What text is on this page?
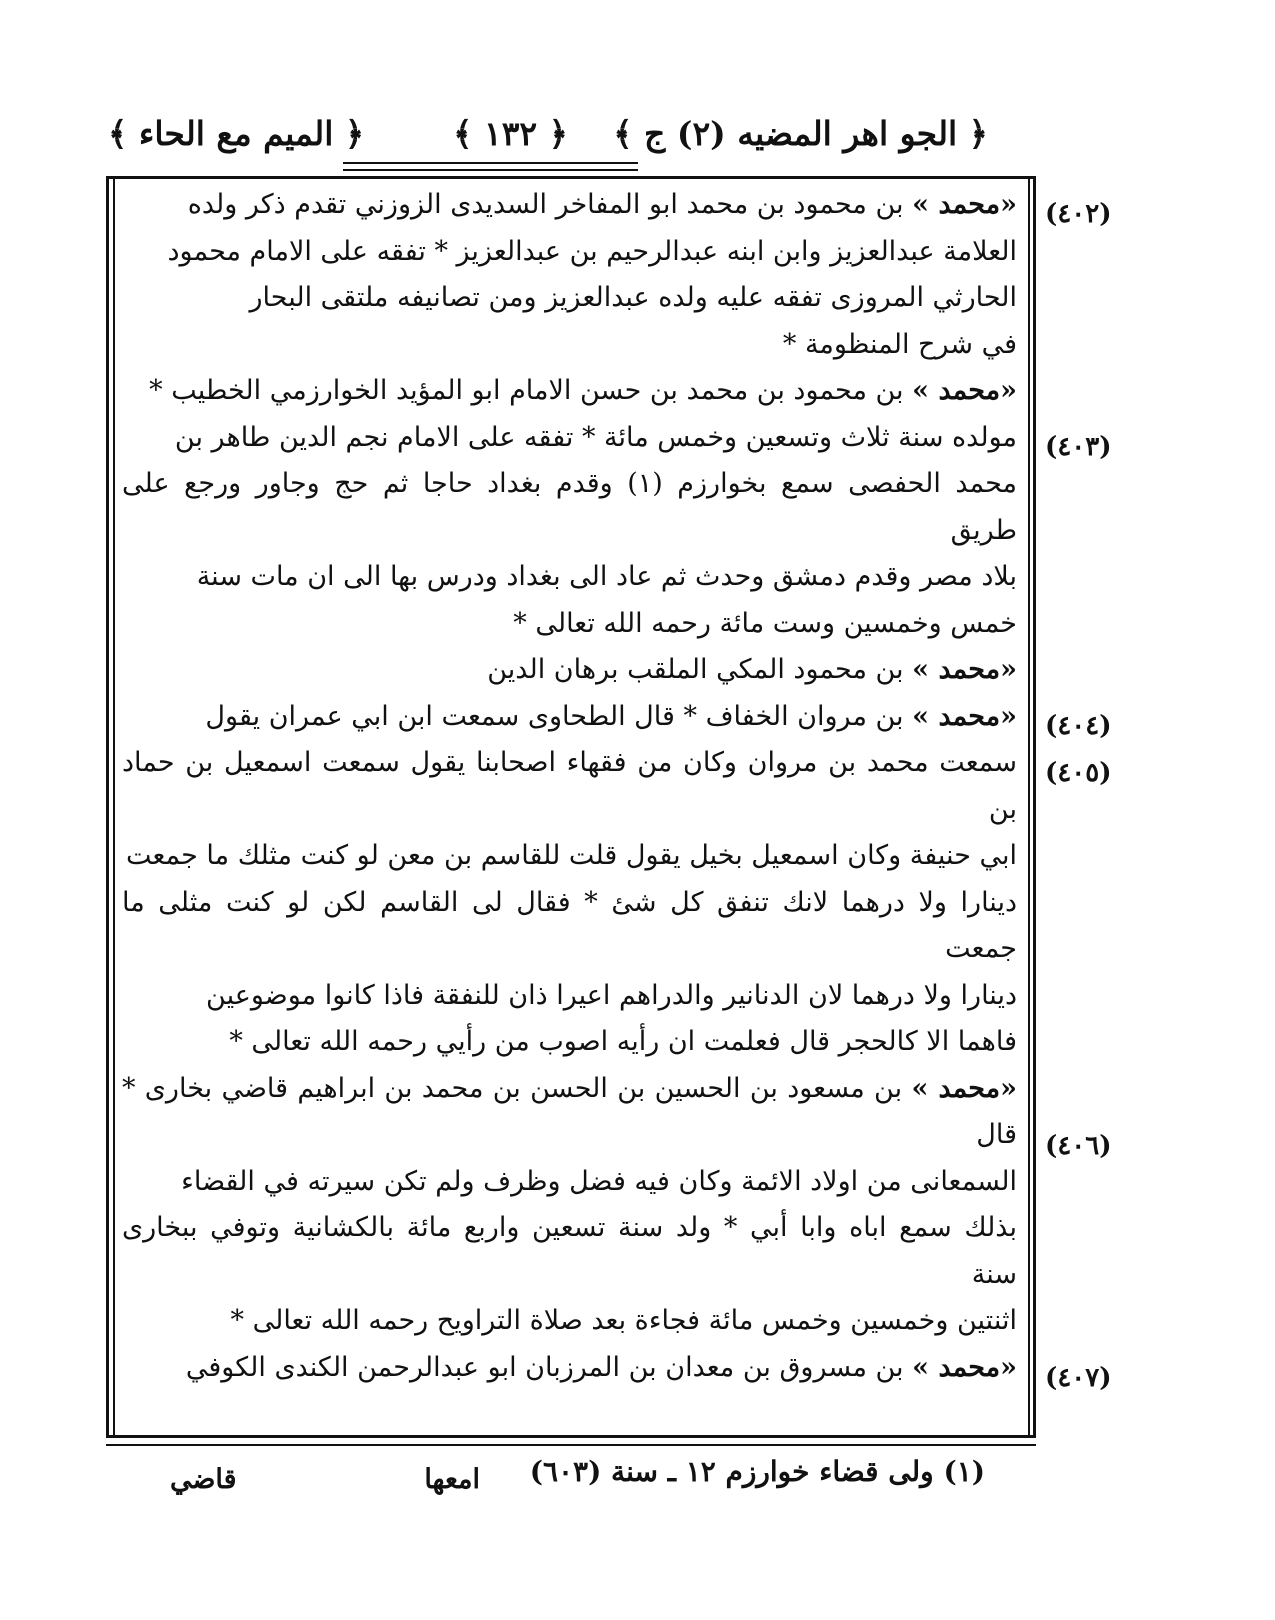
﴿ الجو اهر المضيه (٢) ج ﴾
﴿ ١٣٢ ﴾
﴿ الميم مع الحاء ﴾
(٤٠٢)
(٤٠٣)
(٤٠٤)
(٤٠٥)
(٤٠٦)
(٤٠٧)

« محمد » بن محمود بن محمد ابو المفاخر السديدى الزوزني تقدم ذكر ولده

العلامة عبدالعزيز وابن ابنه عبدالرحيم بن عبدالعزيز * تفقه على الامام محمود

الحارثي المروزى تفقه عليه ولده عبدالعزيز ومن تصانيفه ملتقى البحار

في شرح المنظومة *

« محمد » بن محمود بن محمد بن حسن الامام ابو المؤيد الخوارزمي الخطيب *

مولده سنة ثلاث وتسعين وخمس مائة * تفقه على الامام نجم الدين طاهر بن

محمد الحفصى سمع بخوارزم (١) وقدم بغداد حاجا ثم حج وجاور ورجع على طريق

بلاد مصر وقدم دمشق وحدث ثم عاد الى بغداد ودرس بها الى ان مات سنة

خمس وخمسين وست مائة رحمه الله تعالى *

« محمد » بن محمود المكي الملقب برهان الدين

« محمد » بن مروان الخفاف * قال الطحاوى سمعت ابن ابي عمران يقول

سمعت محمد بن مروان وكان من فقهاء اصحابنا يقول سمعت اسمعيل بن حماد بن

ابي حنيفة وكان اسمعيل بخيل يقول قلت للقاسم بن معن لو كنت مثلك ما جمعت

دينارا ولا درهما لانك تنفق كل شئ * فقال لى القاسم لكن لو كنت مثلى ما جمعت

دينارا ولا درهما لان الدنانير والدراهم اعيرا ذان للنفقة فاذا كانوا موضوعين

فاهما الا كالحجر قال فعلمت ان رأيه اصوب من رأيي رحمه الله تعالى *

« محمد » بن مسعود بن الحسين بن الحسن بن محمد بن ابراهيم قاضي بخارى * قال

السمعانى من اولاد الائمة وكان فيه فضل وظرف ولم تكن سيرته في القضاء

بذلك سمع اباه وابا أبي * ولد سنة تسعين واربع مائة بالكشانية وتوفي ببخارى سنة

اثنتين وخمسين وخمس مائة فجاءة بعد صلاة التراويح رحمه الله تعالى *

« محمد » بن مسروق بن معدان بن المرزبان ابو عبدالرحمن الكندى الكوفي

(١) ولى قضاء خوارزم ١٢ ـ سنة (٦٠٣)
امعها
قاضي
